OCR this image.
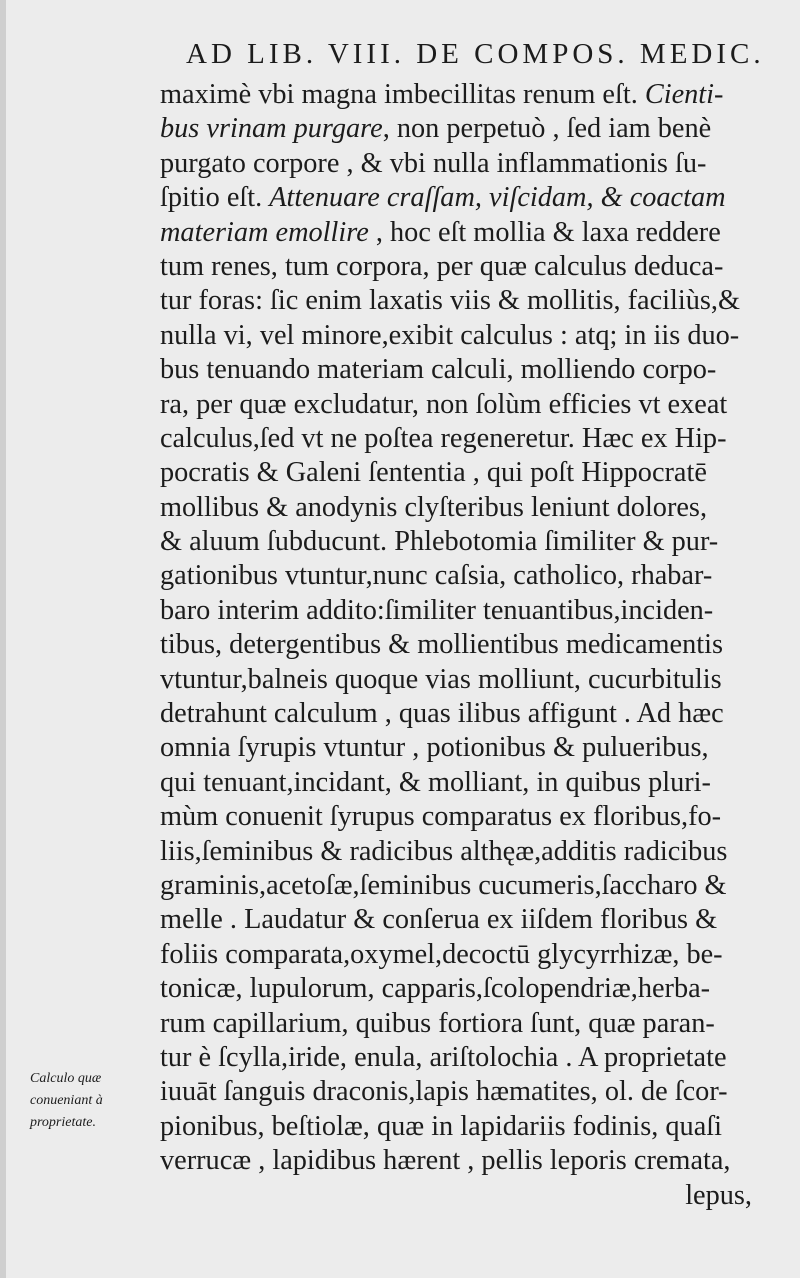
AD LIB. VIII. DE COMPOS. MEDIC.
maximè vbi magna imbecillitas renum eſt. Cienti-
bus vrinam purgare, non perpetuò , ſed iam benè
purgato corpore , & vbi nulla inflammationis ſu-
ſpitio eſt. Attenuare craſſam, viſcidam, & coactam
materiam emollire , hoc eſt mollia & laxa reddere
tum renes, tum corpora, per quæ calculus deduca-
tur foras: ſic enim laxatis viis & mollitis, faciliùs,&
nulla vi, vel minore,exibit calculus : atq; in iis duo-
bus tenuando materiam calculi, molliendo corpo-
ra, per quæ excludatur, non ſolùm efficies vt exeat
calculus,ſed vt ne poſtea regeneretur. Hæc ex Hip-
pocratis & Galeni ſententia , qui poſt Hippocratē
mollibus & anodynis clyſteribus leniunt dolores,
& aluum ſubducunt. Phlebotomia ſimiliter & pur-
gationibus vtuntur,nunc caſsia, catholico, rhabar-
baro interim addito:ſimiliter tenuantibus,inciden-
tibus, detergentibus & mollientibus medicamentis
vtuntur,balneis quoque vias molliunt, cucurbitulis
detrahunt calculum , quas ilibus affigunt . Ad hæc
omnia ſyrupis vtuntur , potionibus & pulueribus,
qui tenuant,incidant, & molliant, in quibus pluri-
mùm conuenit ſyrupus comparatus ex floribus,fo-
liis,ſeminibus & radicibus althęæ,additis radicibus
graminis,acetoſæ,ſeminibus cucumeris,ſaccharo &
melle . Laudatur & conſerua ex iiſdem floribus &
foliis comparata,oxymel,decoctū glycyrrhizæ, be-
tonicæ, lupulorum, capparis,ſcolopendriæ,herba-
rum capillarium, quibus fortiora ſunt, quæ paran-
tur è ſcylla,iride, enula, ariſtolochia . A proprietate
iuuāt ſanguis draconis,lapis hæmatites, ol. de ſcor-
pionibus, beſtiolæ, quæ in lapidariis fodinis, quaſi
verrucæ , lapidibus hærent , pellis leporis cremata,
lepus,
Calculo quæ
conueniant à
proprietate.
